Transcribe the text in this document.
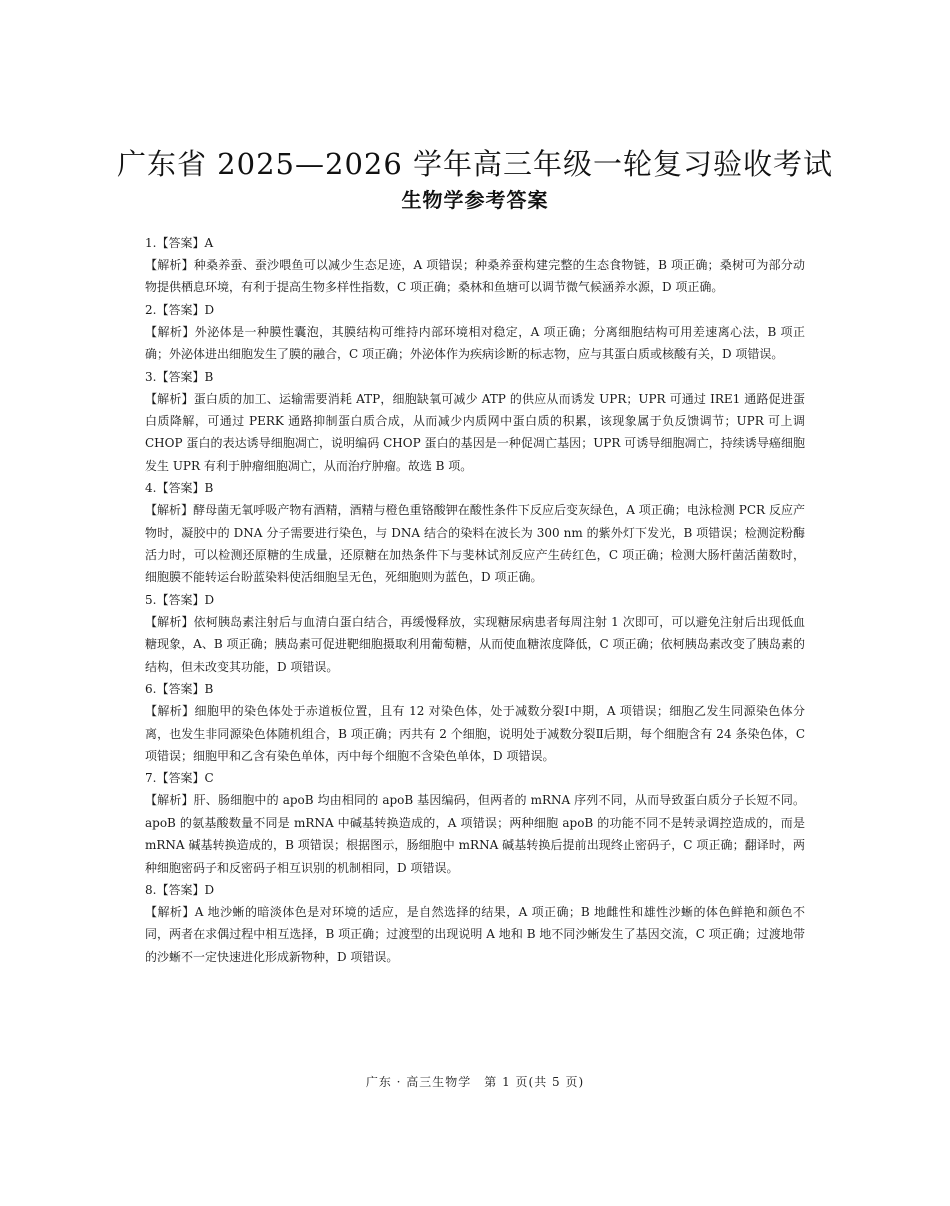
广东省 2025—2026 学年高三年级一轮复习验收考试
生物学参考答案
1.【答案】A

【解析】种桑养蚕、蚕沙喂鱼可以减少生态足迹，A 项错误；种桑养蚕构建完整的生态食物链，B 项正确；桑树可为部分动物提供栖息环境，有利于提高生物多样性指数，C 项正确；桑林和鱼塘可以调节微气候涵养水源，D 项正确。

2.【答案】D

【解析】外泌体是一种膜性囊泡，其膜结构可维持内部环境相对稳定，A 项正确；分离细胞结构可用差速离心法，B 项正确；外泌体进出细胞发生了膜的融合，C 项正确；外泌体作为疾病诊断的标志物，应与其蛋白质或核酸有关，D 项错误。

3.【答案】B

【解析】蛋白质的加工、运输需要消耗 ATP，细胞缺氧可减少 ATP 的供应从而诱发 UPR；UPR 可通过 IRE1 通路促进蛋白质降解，可通过 PERK 通路抑制蛋白质合成，从而减少内质网中蛋白质的积累，该现象属于负反馈调节；UPR 可上调 CHOP 蛋白的表达诱导细胞凋亡，说明编码 CHOP 蛋白的基因是一种促凋亡基因；UPR 可诱导细胞凋亡，持续诱导癌细胞发生 UPR 有利于肿瘤细胞凋亡，从而治疗肿瘤。故选 B 项。

4.【答案】B

【解析】酵母菌无氧呼吸产物有酒精，酒精与橙色重铬酸钾在酸性条件下反应后变灰绿色，A 项正确；电泳检测 PCR 反应产物时，凝胶中的 DNA 分子需要进行染色，与 DNA 结合的染料在波长为 300 nm 的紫外灯下发光，B 项错误；检测淀粉酶活力时，可以检测还原糖的生成量，还原糖在加热条件下与斐林试剂反应产生砖红色，C 项正确；检测大肠杆菌活菌数时，细胞膜不能转运台盼蓝染料使活细胞呈无色，死细胞则为蓝色，D 项正确。

5.【答案】D

【解析】依柯胰岛素注射后与血清白蛋白结合，再缓慢释放，实现糖尿病患者每周注射 1 次即可，可以避免注射后出现低血糖现象，A、B 项正确；胰岛素可促进靶细胞摄取利用葡萄糖，从而使血糖浓度降低，C 项正确；依柯胰岛素改变了胰岛素的结构，但未改变其功能，D 项错误。

6.【答案】B

【解析】细胞甲的染色体处于赤道板位置，且有 12 对染色体，处于减数分裂Ⅰ中期，A 项错误；细胞乙发生同源染色体分离，也发生非同源染色体随机组合，B 项正确；丙共有 2 个细胞，说明处于减数分裂Ⅱ后期，每个细胞含有 24 条染色体，C 项错误；细胞甲和乙含有染色单体，丙中每个细胞不含染色单体，D 项错误。

7.【答案】C

【解析】肝、肠细胞中的 apoB 均由相同的 apoB 基因编码，但两者的 mRNA 序列不同，从而导致蛋白质分子长短不同。apoB 的氨基酸数量不同是 mRNA 中碱基转换造成的，A 项错误；两种细胞 apoB 的功能不同不是转录调控造成的，而是 mRNA 碱基转换造成的，B 项错误；根据图示，肠细胞中 mRNA 碱基转换后提前出现终止密码子，C 项正确；翻译时，两种细胞密码子和反密码子相互识别的机制相同，D 项错误。

8.【答案】D

【解析】A 地沙蜥的暗淡体色是对环境的适应，是自然选择的结果，A 项正确；B 地雌性和雄性沙蜥的体色鲜艳和颜色不同，两者在求偶过程中相互选择，B 项正确；过渡型的出现说明 A 地和 B 地不同沙蜥发生了基因交流，C 项正确；过渡地带的沙蜥不一定快速进化形成新物种，D 项错误。

广东 · 高三生物学　第 1 页(共 5 页)
